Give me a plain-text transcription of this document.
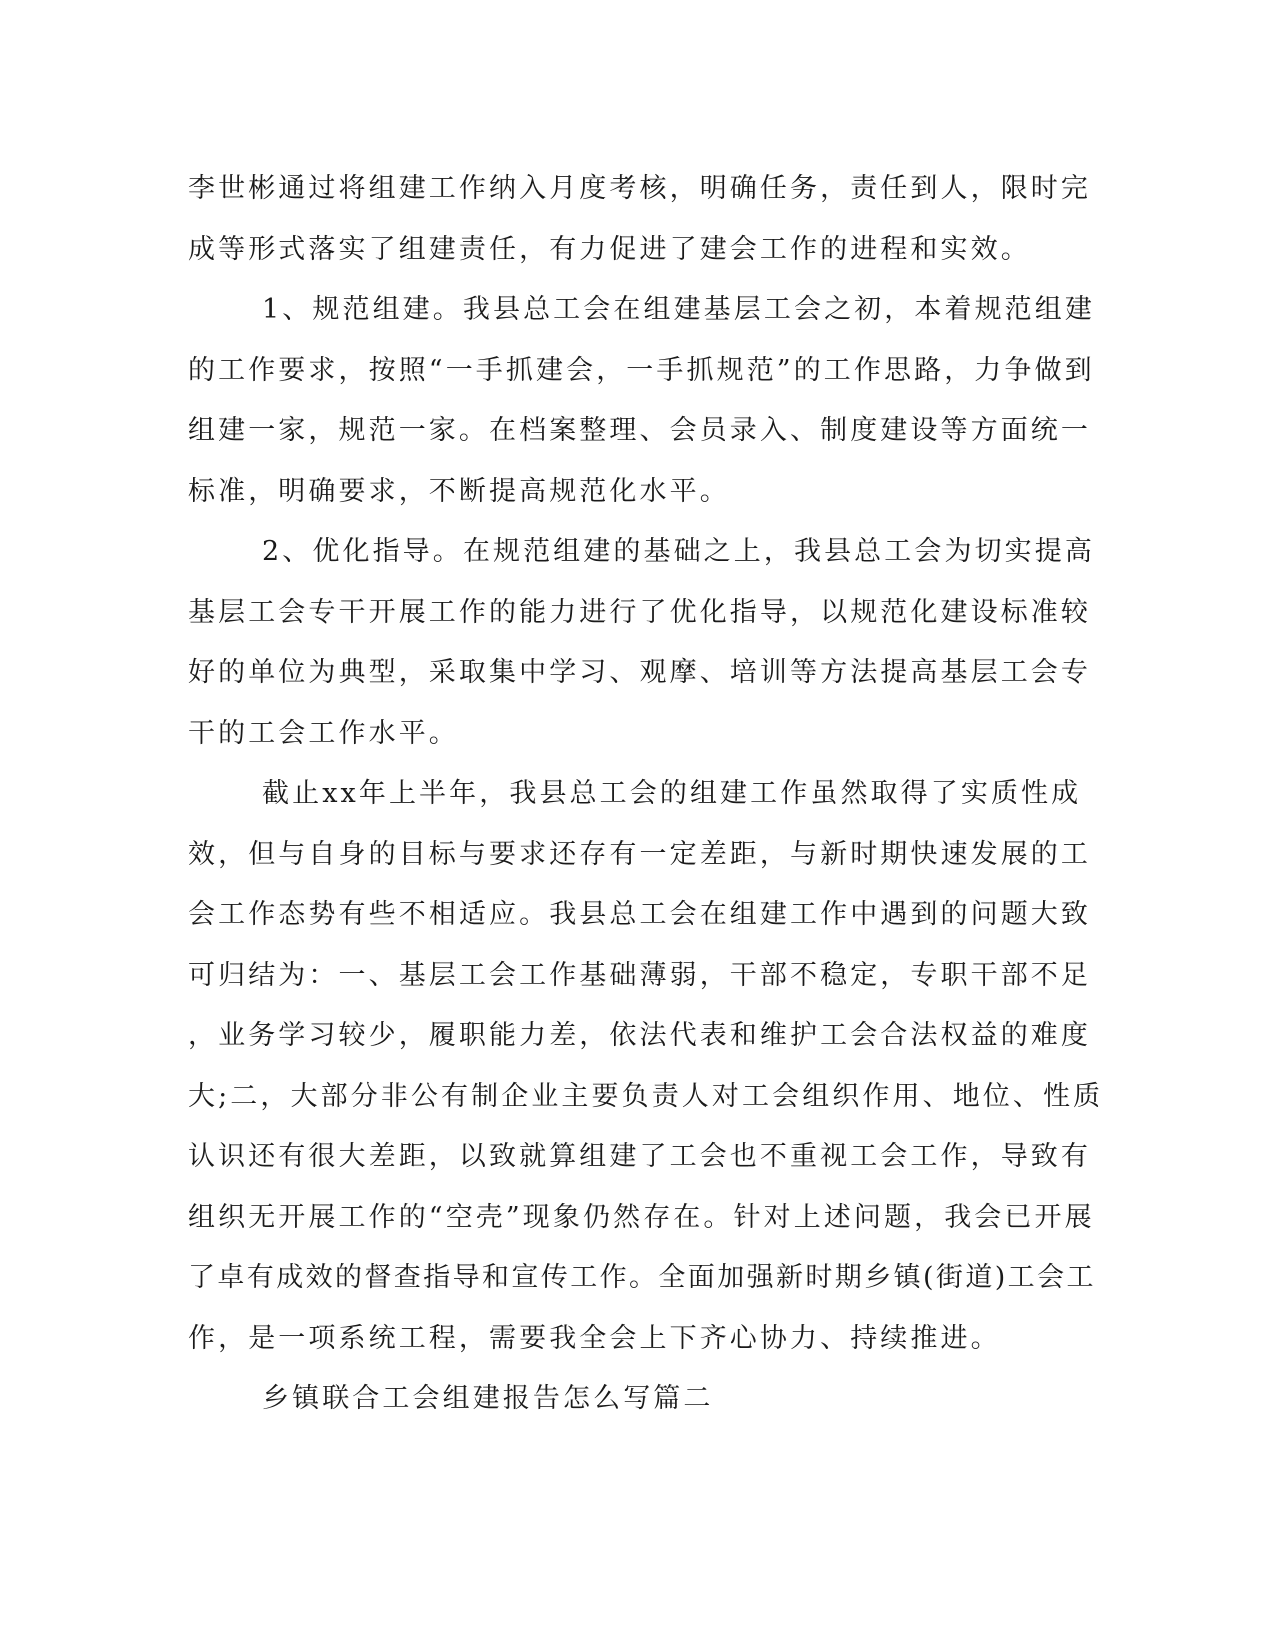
李世彬通过将组建工作纳入月度考核，明确任务，责任到人，限时完
成等形式落实了组建责任，有力促进了建会工作的进程和实效。
1、规范组建。我县总工会在组建基层工会之初，本着规范组建
的工作要求，按照“一手抓建会，一手抓规范”的工作思路，力争做到
组建一家，规范一家。在档案整理、会员录入、制度建设等方面统一
标准，明确要求，不断提高规范化水平。
2、优化指导。在规范组建的基础之上，我县总工会为切实提高
基层工会专干开展工作的能力进行了优化指导，以规范化建设标准较
好的单位为典型，采取集中学习、观摩、培训等方法提高基层工会专
干的工会工作水平。
截止xx年上半年，我县总工会的组建工作虽然取得了实质性成
效，但与自身的目标与要求还存有一定差距，与新时期快速发展的工
会工作态势有些不相适应。我县总工会在组建工作中遇到的问题大致
可归结为：一、基层工会工作基础薄弱，干部不稳定，专职干部不足
，业务学习较少，履职能力差，依法代表和维护工会合法权益的难度
大;二，大部分非公有制企业主要负责人对工会组织作用、地位、性质
认识还有很大差距，以致就算组建了工会也不重视工会工作，导致有
组织无开展工作的“空壳”现象仍然存在。针对上述问题，我会已开展
了卓有成效的督查指导和宣传工作。全面加强新时期乡镇(街道)工会工
作，是一项系统工程，需要我全会上下齐心协力、持续推进。
乡镇联合工会组建报告怎么写篇二
